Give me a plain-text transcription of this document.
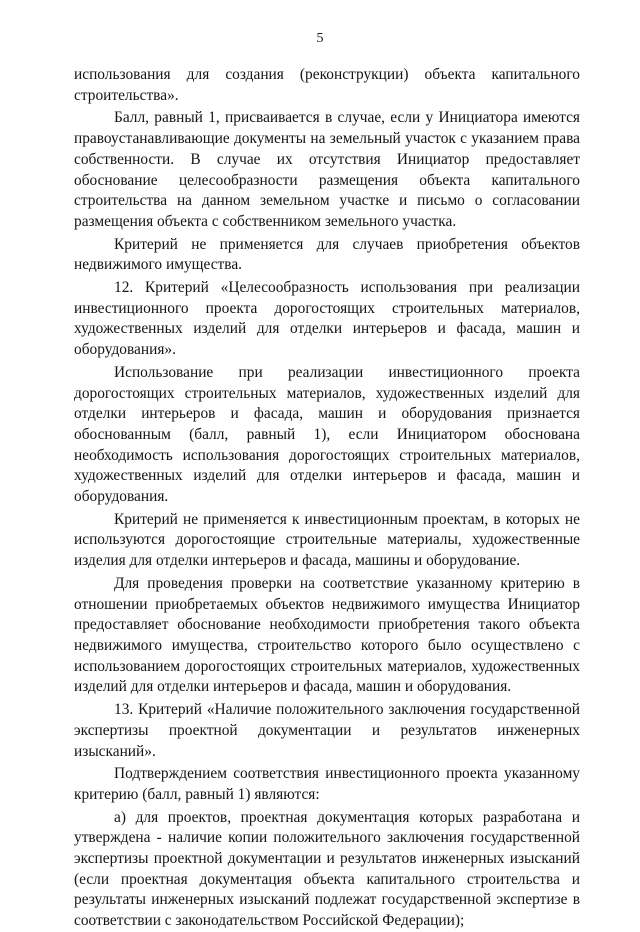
5

использования для создания (реконструкции) объекта капитального строительства».

Балл, равный 1, присваивается в случае, если у Инициатора имеются правоустанавливающие документы на земельный участок с указанием права собственности. В случае их отсутствия Инициатор предоставляет обоснование целесообразности размещения объекта капитального строительства на данном земельном участке и письмо о согласовании размещения объекта с собственником земельного участка.

Критерий не применяется для случаев приобретения объектов недвижимого имущества.

12. Критерий «Целесообразность использования при реализации инвестиционного проекта дорогостоящих строительных материалов, художественных изделий для отделки интерьеров и фасада, машин и оборудования».

Использование при реализации инвестиционного проекта дорогостоящих строительных материалов, художественных изделий для отделки интерьеров и фасада, машин и оборудования признается обоснованным (балл, равный 1), если Инициатором обоснована необходимость использования дорогостоящих строительных материалов, художественных изделий для отделки интерьеров и фасада, машин и оборудования.

Критерий не применяется к инвестиционным проектам, в которых не используются дорогостоящие строительные материалы, художественные изделия для отделки интерьеров и фасада, машины и оборудование.

Для проведения проверки на соответствие указанному критерию в отношении приобретаемых объектов недвижимого имущества Инициатор предоставляет обоснование необходимости приобретения такого объекта недвижимого имущества, строительство которого было осуществлено с использованием дорогостоящих строительных материалов, художественных изделий для отделки интерьеров и фасада, машин и оборудования.

13. Критерий «Наличие положительного заключения государственной экспертизы проектной документации и результатов инженерных изысканий».

Подтверждением соответствия инвестиционного проекта указанному критерию (балл, равный 1) являются:

а) для проектов, проектная документация которых разработана и утверждена - наличие копии положительного заключения государственной экспертизы проектной документации и результатов инженерных изысканий (если проектная документация объекта капитального строительства и результаты инженерных изысканий подлежат государственной экспертизе в соответствии с законодательством Российской Федерации);
